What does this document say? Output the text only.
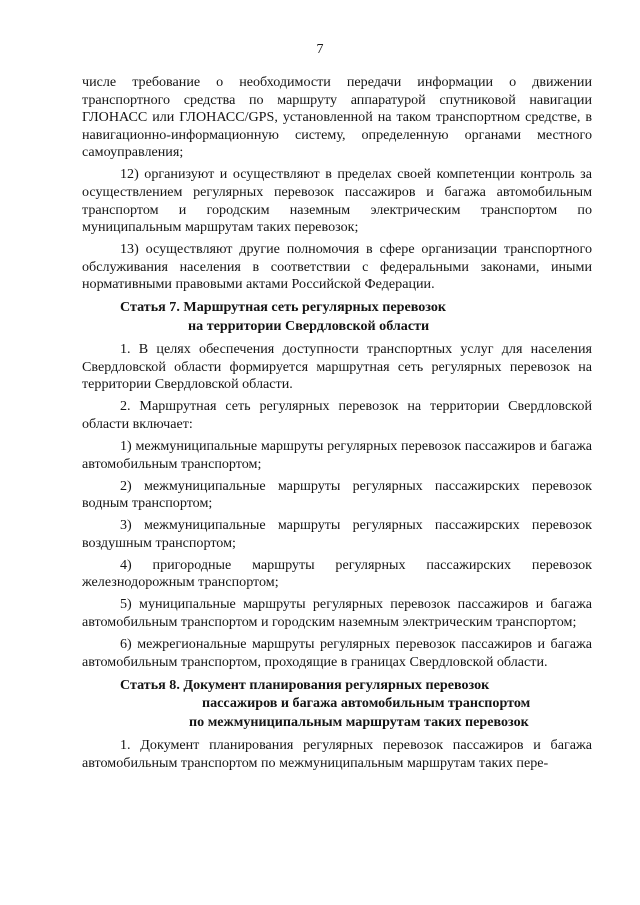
7

числе требование о необходимости передачи информации о движении транспортного средства по маршруту аппаратурой спутниковой навигации ГЛОНАСС или ГЛОНАСС/GPS, установленной на таком транспортном средстве, в навигационно-информационную систему, определенную органами местного самоуправления;

12) организуют и осуществляют в пределах своей компетенции контроль за осуществлением регулярных перевозок пассажиров и багажа автомобильным транспортом и городским наземным электрическим транспортом по муниципальным маршрутам таких перевозок;

13) осуществляют другие полномочия в сфере организации транспортного обслуживания населения в соответствии с федеральными законами, иными нормативными правовыми актами Российской Федерации.

Статья 7. Маршрутная сеть регулярных перевозок
на территории Свердловской области

1. В целях обеспечения доступности транспортных услуг для населения Свердловской области формируется маршрутная сеть регулярных перевозок на территории Свердловской области.

2. Маршрутная сеть регулярных перевозок на территории Свердловской области включает:

1) межмуниципальные маршруты регулярных перевозок пассажиров и багажа автомобильным транспортом;

2) межмуниципальные маршруты регулярных пассажирских перевозок водным транспортом;

3) межмуниципальные маршруты регулярных пассажирских перевозок воздушным транспортом;

4) пригородные маршруты регулярных пассажирских перевозок железнодорожным транспортом;

5) муниципальные маршруты регулярных перевозок пассажиров и багажа автомобильным транспортом и городским наземным электрическим транспортом;

6) межрегиональные маршруты регулярных перевозок пассажиров и багажа автомобильным транспортом, проходящие в границах Свердловской области.

Статья 8. Документ планирования регулярных перевозок
пассажиров и багажа автомобильным транспортом
по межмуниципальным маршрутам таких перевозок

1. Документ планирования регулярных перевозок пассажиров и багажа автомобильным транспортом по межмуниципальным маршрутам таких пере-
